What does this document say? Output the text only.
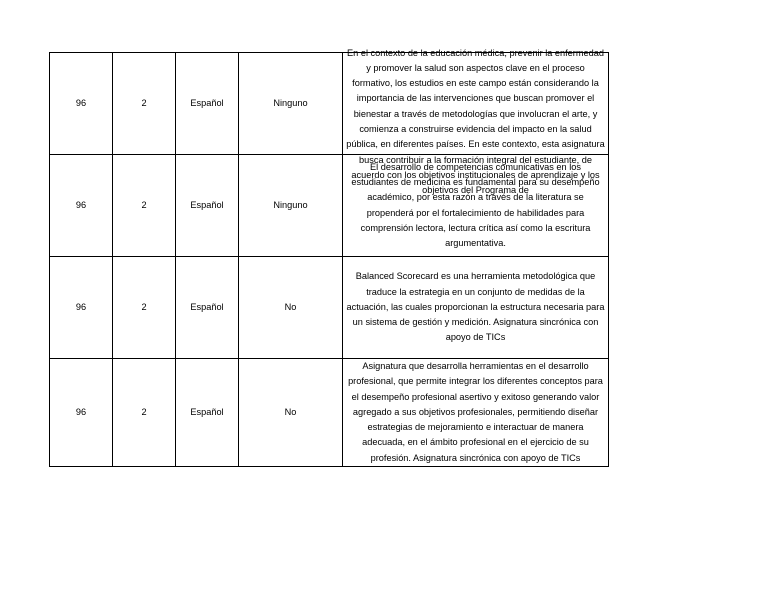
96	2	Español	Ninguno	En el contexto de la educación médica, prevenir la enfermedad y promover la salud son aspectos clave en el proceso formativo, los estudios en este campo están considerando la importancia de las intervenciones que buscan promover el bienestar a través de metodologías que involucran el arte, y comienza a construirse evidencia del impacto en la salud pública, en diferentes países. En este contexto, esta asignatura busca contribuir a la formación integral del estudiante, de acuerdo con los objetivos institucionales de aprendizaje y los objetivos del Programa de

96	2	Español	Ninguno	El desarrollo de competencias comunicativas en los estudiantes de medicina es fundamental para su desempeño académico, por esta razón a través de la literatura se propenderá por el fortalecimiento de habilidades para comprensión lectora, lectura crítica así como la escritura argumentativa.

96	2	Español	No	Balanced Scorecard es una herramienta metodológica que traduce la estrategia en un conjunto de medidas de la actuación, las cuales proporcionan la estructura necesaria para un sistema de gestión y medición. Asignatura sincrónica con apoyo de TICs

96	2	Español	No	Asignatura que desarrolla herramientas en el desarrollo profesional, que permite integrar los diferentes conceptos para el desempeño profesional asertivo y exitoso generando valor agregado a sus objetivos profesionales, permitiendo diseñar estrategias de mejoramiento e interactuar de manera adecuada, en el ámbito profesional en el ejercicio de su profesión. Asignatura sincrónica con apoyo de TICs
